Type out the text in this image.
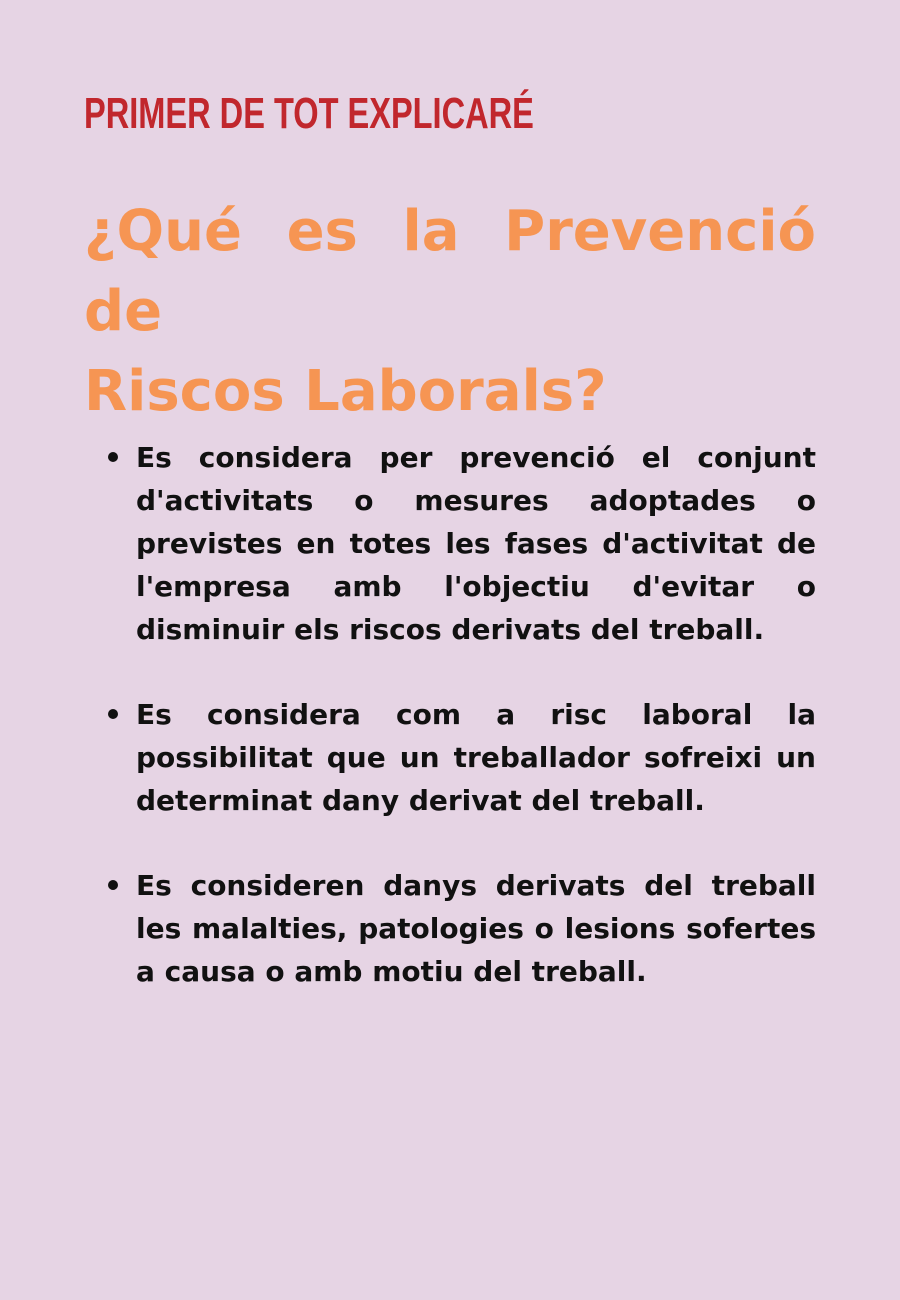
PRIMER DE TOT EXPLICARÉ
¿Qué es la Prevenció de
Riscos Laborals?
Es considera per prevenció el conjunt d'activitats o mesures adoptades o previstes en totes les fases d'activitat de l'empresa amb l'objectiu d'evitar o disminuir els riscos derivats del treball.
Es considera com a risc laboral la possibilitat que un treballador sofreixi un determinat dany derivat del treball.
Es consideren danys derivats del treball les malalties, patologies o lesions sofertes a causa o amb motiu del treball.
